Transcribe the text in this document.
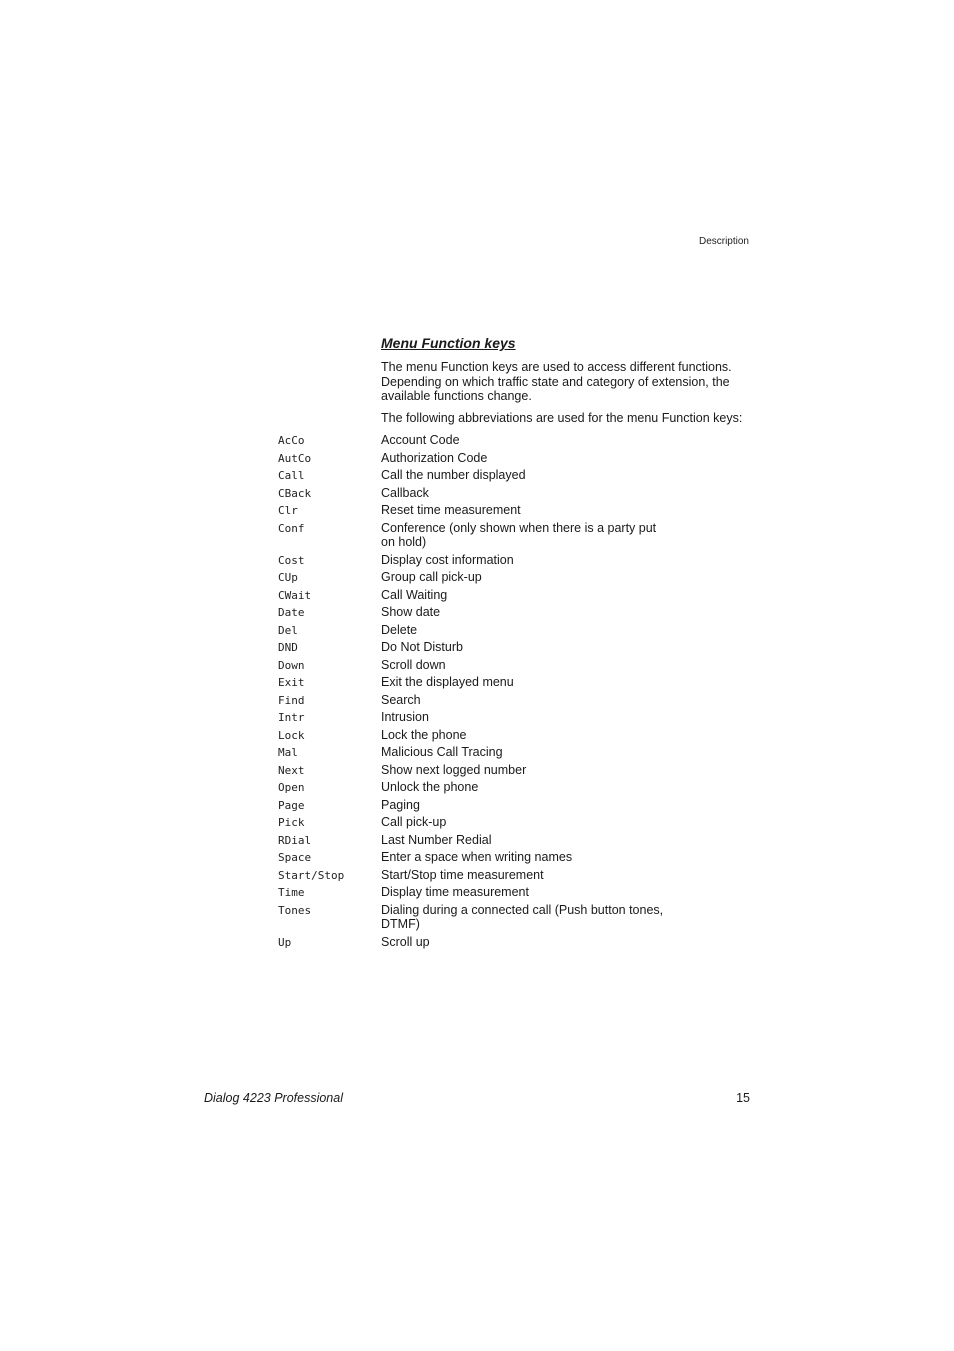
Description
Menu Function keys

The menu Function keys are used to access different functions. Depending on which traffic state and category of extension, the available functions change.

The following abbreviations are used for the menu Function keys:

AcCo	Account Code
AutCo	Authorization Code
Call	Call the number displayed
CBack	Callback
Clr	Reset time measurement
Conf	Conference (only shown when there is a party put on hold)
Cost	Display cost information
CUp	Group call pick-up
CWait	Call Waiting
Date	Show date
Del	Delete
DND	Do Not Disturb
Down	Scroll down
Exit	Exit the displayed menu
Find	Search
Intr	Intrusion
Lock	Lock the phone
Mal	Malicious Call Tracing
Next	Show next logged number
Open	Unlock the phone
Page	Paging
Pick	Call pick-up
RDial	Last Number Redial
Space	Enter a space when writing names
Start/Stop	Start/Stop time measurement
Time	Display time measurement
Tones	Dialing during a connected call (Push button tones, DTMF)
Up	Scroll up
Dialog 4223 Professional	15
